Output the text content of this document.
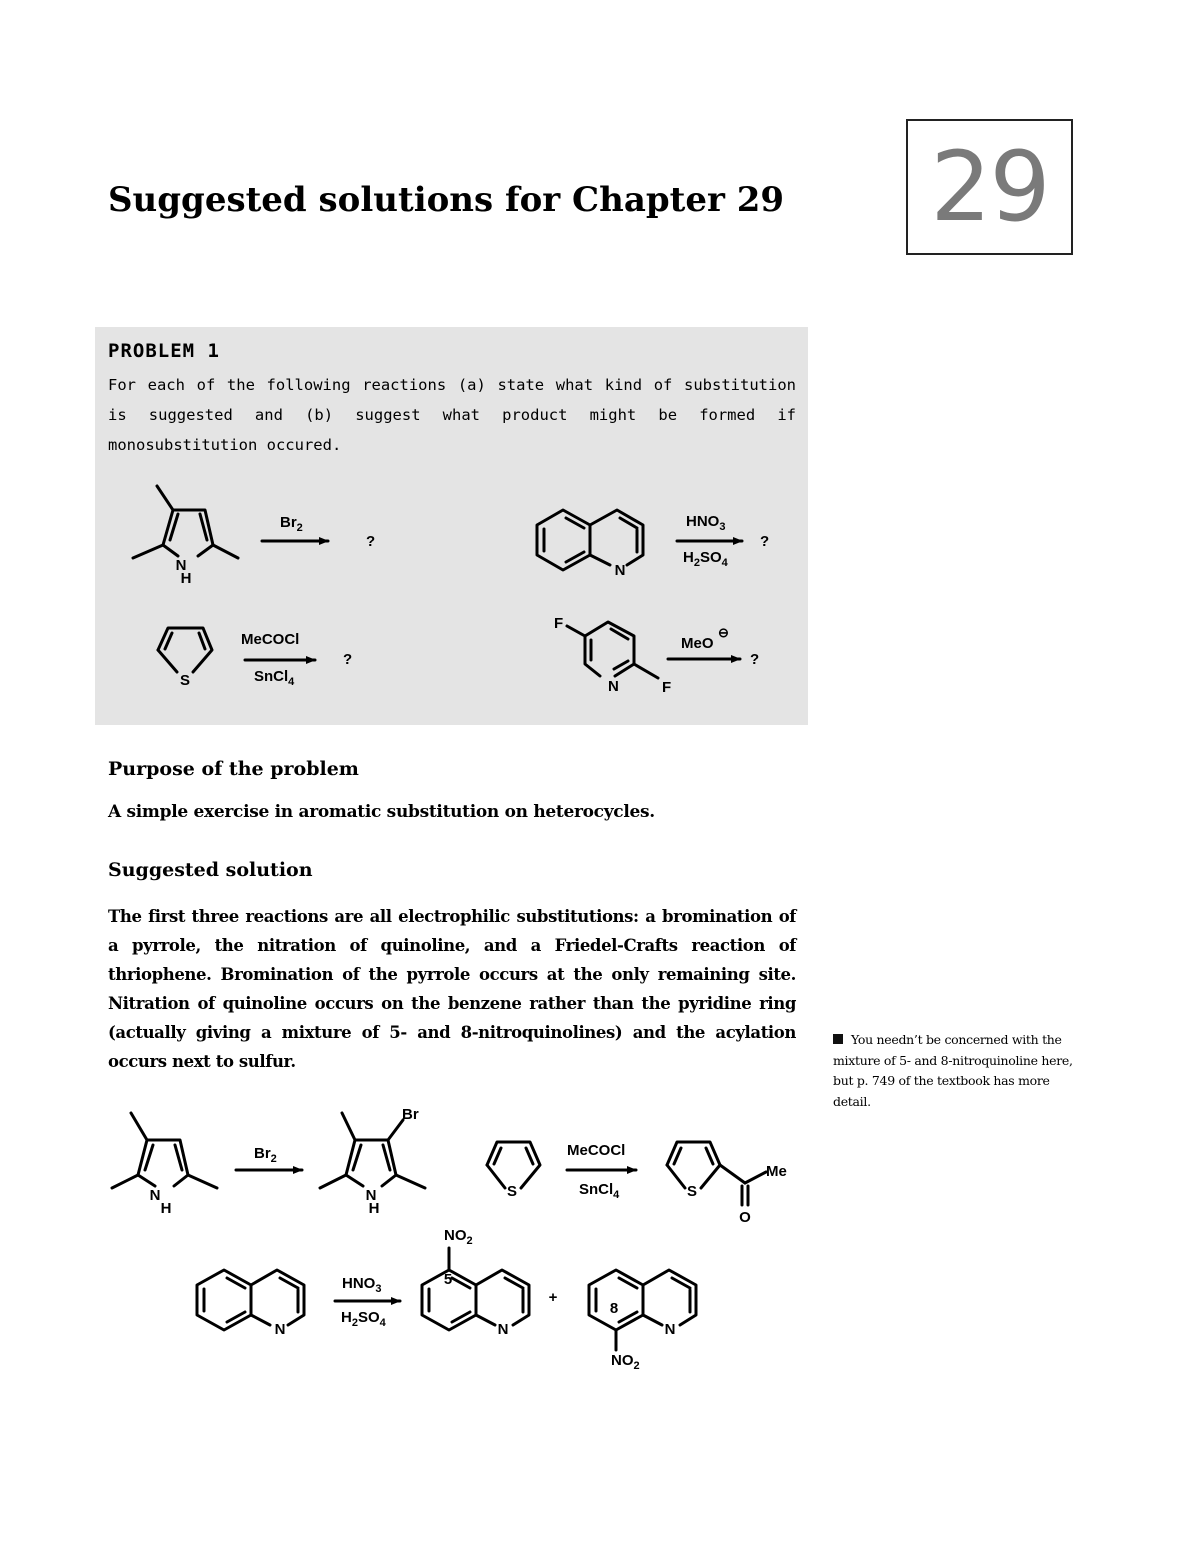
Suggested solutions for Chapter 29 29
PROBLEM 1
For each of the following reactions (a) state what kind of substitution is suggested and (b) suggest what product might be formed if monosubstitution occured.
N
H
$Br_2$
?
N
$HNO_3$
$H_2SO_4$
?
S
MeCOCl
SnCl$_4$
?
F
F
N
MeO
⊖
?
Purpose of the problem
A simple exercise in aromatic substitution on heterocycles.
Suggested solution
The first three reactions are all electrophilic substitutions: a bromination of a pyrrole, the nitration of quinoline, and a Friedel-Crafts reaction of thriophene. Bromination of the pyrrole occurs at the only remaining site. Nitration of quinoline occurs on the benzene rather than the pyridine ring (actually giving a mixture of 5- and 8-nitroquinolines) and the acylation occurs next to sulfur.
You needn’t be concerned with the mixture of 5- and 8-nitroquinoline here, but p. 749 of the textbook has more detail.
N
H
$Br_2$
Br
N
H
S
MeCOCl
SnCl$_4$	S
Me
O
N
$HNO_3$
$H_2SO_4$
$NO_2$
5
N
+
8
N
$NO_2$
